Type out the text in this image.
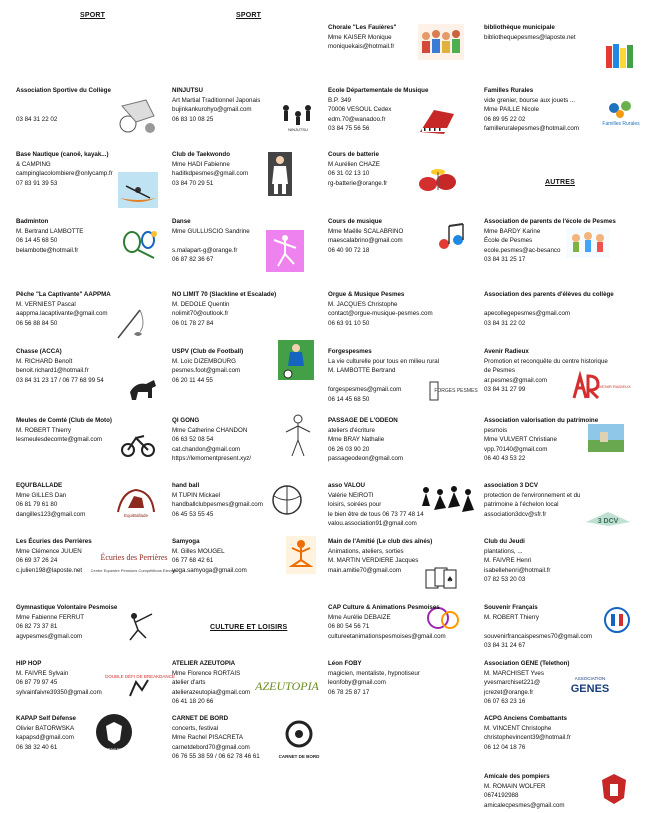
SPORT	SPORT
AUTRES
CULTURE ET LOISIRS
NINJUTSU
Familles Rurales
FORGES PESMES
AVENIR RADIEUX
EquiBallade
3 DCV
Écuries des Perrières
Centre Equestre Pensions Compétitions Elevage
♠
DOUBLE DÉFI DE BREAKDANCE
AZEUTOPIA
ASSOCIATION
GENES
KAPAP Self Défense
CARNET DE BORD
Association Sportive du Collège

03 84 31 22 02
Base Nautique (canoë, kayak...)
& CAMPING
campinglacolombiere@onlycamp.fr
07 83 91 39 53
Badminton
M. Bertrand LAMBOTTE
06 14 45 68 50
belambotte@hotmail.fr
Pêche "La Captivante" AAPPMA
M. VERNIEST Pascal
aappma.lacaptivante@gmail.com
06 56 88 84 50
Chasse (ACCA)
M. RICHARD Benoît
benoit.richard1@hotmail.fr
03 84 31 23 17 / 06 77 68 99 54
Meules de Comté (Club de Moto)
M. ROBERT Thierry
lesmeulesdecomte@gmail.com
EQUI'BALLADE
Mme GILLES Dan
06 81 79 61 80
dangilles123@gmail.com
Les Écuries des Perrières
Mme Clémence JUUEN
06 69 37 26 24
c.julien198@laposte.net
Gymnastique Volontaire Pesmoise
Mme Fabienne FERRUT
06 82 73 37 81
agvpesmes@gmail.com
HIP HOP
M. FAIVRE Sylvain
06 87 79 97 45
sylvainfaivre39350@gmail.com
KAPAP Self Défense
Olivier BATORWSKA
kapapsd@gmail.com
06 38 32 40 61
NINJUTSU
Art Martial Traditionnel Japonais
bujinkankurohyo@gmail.com
06 83 10 08 25
Club de Taekwondo
Mme HADI Fabienne
haditkdpesmes@gmail.com
03 84 70 29 51
Danse
Mme GULLUSCIO Sandrine

s.malapart-g@orange.fr
06 87 82 36 67
NO LIMIT 70 (Slackline et Escalade)
M. DEDOLE Quentin
nolimit70@outlook.fr
06 01 78 27 84
USPV (Club de Football)
M. Loïc DIZEMBOURG
pesmes.foot@gmail.com
06 20 11 44 55
QI GONG
Mme Catherine CHANDON
06 63 52 08 54
cat.chandon@gmail.com
https://lemomentpresent.xyz/
hand ball
M TUPIN Mickael
handballclubpesmes@gmail.com
06 45 53 55 45
Samyoga
M. Gilles MOUGEL
06 77 68 42 61
yoga.samyoga@gmail.com
ATELIER AZEUTOPIA
Mme Florence RORTAIS
atelier d'arts
atelierazeutopia@gmail.com
06 41 18 20 66
CARNET DE BORD
concerts, festival
Mme Rachel PISACRETA
carnetdebord70@gmail.com
06 76 55 38 59 / 06 62 78 46 61
Chorale "Les Fauières"
Mme KAISER Monique
moniquekais@hotmail.fr
Ecole Départementale de Musique
B.P. 349
70006 VESOUL Cedex
edm.70@wanadoo.fr
03 84 75 56 56
Cours de batterie
M Aurélien CHAZE
06 31 02 13 10
rg-batterie@orange.fr
Cours de musique
Mme Maëlle SCALABRINO
maescalabrino@gmail.com
06 40 90 72 18
Orgue & Musique Pesmes
M. JACQUES Christophe
contact@orgue-musique-pesmes.com
06 63 91 10 50
Forgespesmes
La vie culturelle pour tous en milieu rural
M. LAMBOTTE Bertrand

forgespesmes@gmail.com
06 14 45 68 50
PASSAGE DE L'ODEON
ateliers d'écriture
Mme BRAY Nathalie
06 26 03 90 20
passageodeon@gmail.com
asso VALOU
Valérie NEIROTI
loisirs, soirées pour
le bien être de tous 06 73 77 48 14
valou.association91@gmail.com
Main de l'Amitié (Le club des aînés)
Animations, ateliers, sorties
M. MARTIN VERDIERE Jacques
main.amitie70@gmail.com
CAP Culture & Animations Pesmoises
Mme Aurélie DEBAIZE
06 80 54 56 71
cultureetanimationspesmoises@gmail.com
Léon FOBY
magicien, mentaliste, hypnotiseur
leonfoby@gmail.com
06 78 25 87 17
bibliothèque municipale
bibliothequepesmes@laposte.net
Familles Rurales
vide grenier, bourse aux jouets ...
Mme PAILLE Nicole
06 89 95 22 02
familleruralepesmes@hotmail.com
Association de parents de l'école de Pesmes
Mme BARDY Karine
École de Pesmes
ecole.pesmes@ac-besanco
03 84 31 25 17
Association des parents d'élèves du collège

apecollegepesmes@gmail.com
03 84 31 22 02
Avenir Radieux
Promotion et reconquête du centre historique
de Pesmes
ar.pesmes@gmail.com
03 84 31 27 99
Association valorisation du patrimoine
pesmois
Mme VULVERT Christiane
vpp.70140@gmail.com
06 40 43 53 22
association 3 DCV
protection de l'environnement et du
patrimoine à l'échelon local
association3dcv@sfr.fr
Club du Jeudi
plantations, ...
M. FAIVRE Henri
isabellehenri@hotmail.fr
07 82 53 20 03
Souvenir Français
M. ROBERT Thierry

souvenirfrancaispesmes70@gmail.com
03 84 31 24 67
Association GENE (Telethon)
M. MARCHISET Yves
yvesmarchiset221@
jcrezet@orange.fr
06 07 63 23 16
ACPG Anciens Combattants
M. VINCENT Christophe
christophevincent39@hotmail.fr
06 12 04 18 76
Amicale des pompiers
M. ROMAIN WOLFER
0674192988
amicalecpesmes@gmail.com
